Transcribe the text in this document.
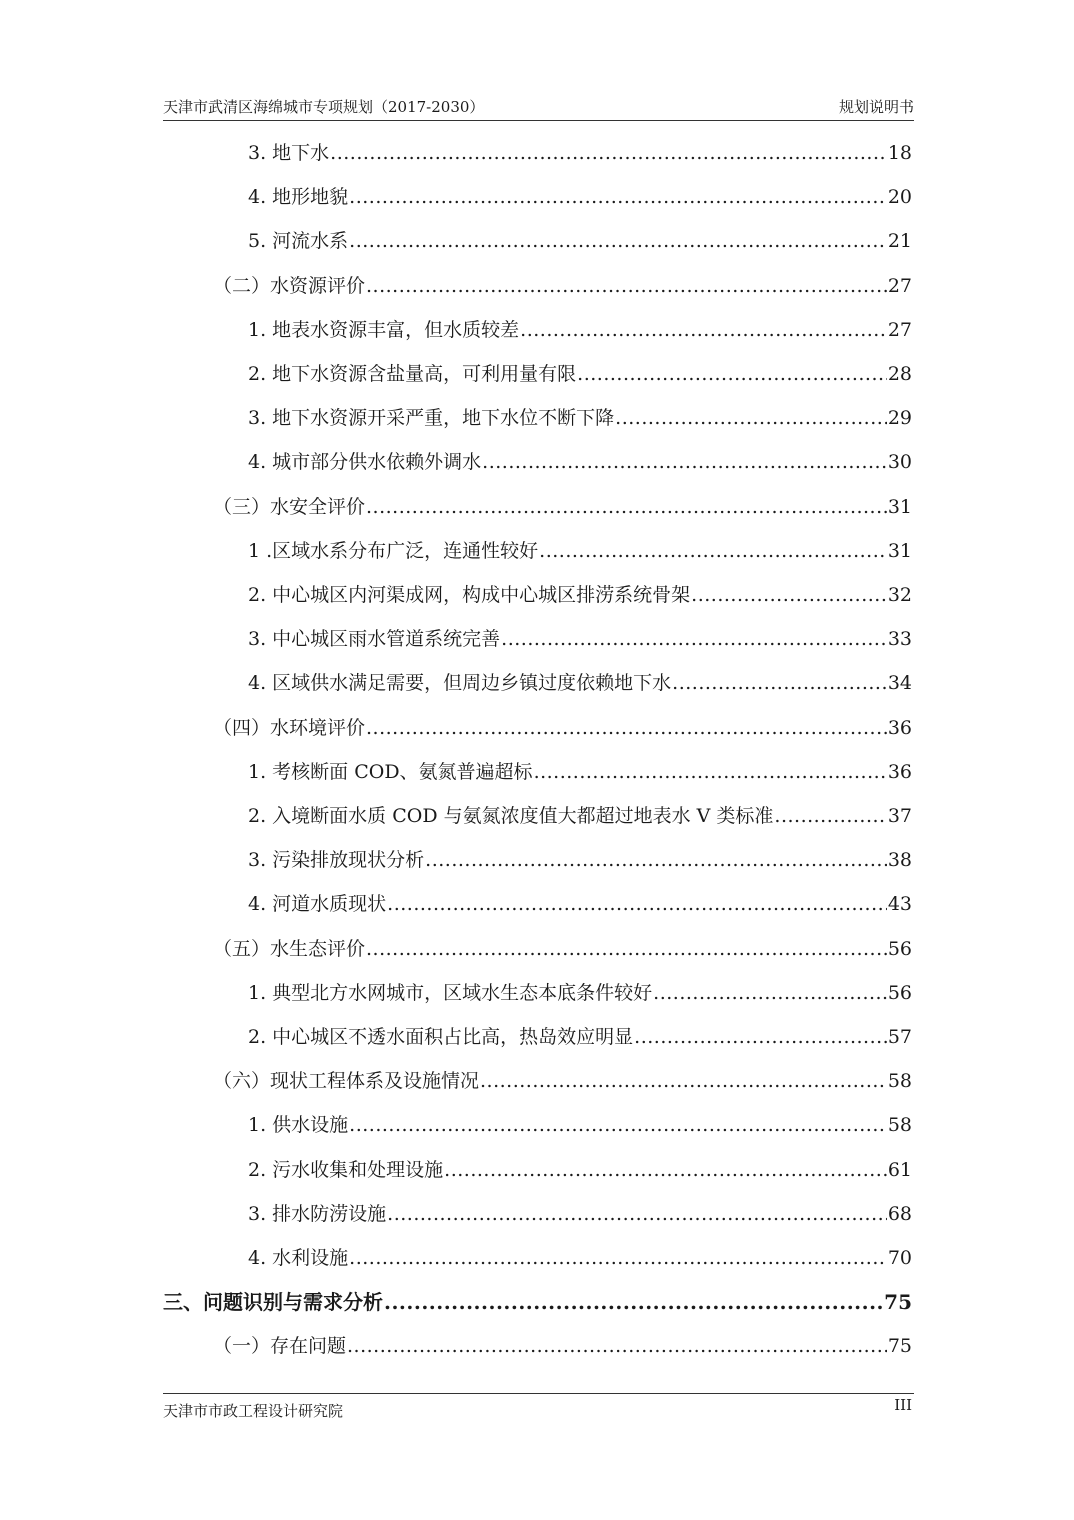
天津市武清区海绵城市专项规划（2017-2030）	规划说明书
3. 地下水 .....	18
4. 地形地貌 .....	20
5. 河流水系 .....	21
（二）水资源评价 .....	27
1. 地表水资源丰富，但水质较差 .....	27
2. 地下水资源含盐量高，可利用量有限 .....	28
3. 地下水资源开采严重，地下水位不断下降 .....	29
4. 城市部分供水依赖外调水 .....	30
（三）水安全评价 .....	31
1 .区域水系分布广泛，连通性较好 .....	31
2. 中心城区内河渠成网，构成中心城区排涝系统骨架 .....	32
3. 中心城区雨水管道系统完善 .....	33
4. 区域供水满足需要，但周边乡镇过度依赖地下水 .....	34
（四）水环境评价 .....	36
1. 考核断面 COD、氨氮普遍超标 .....	36
2. 入境断面水质 COD 与氨氮浓度值大都超过地表水 V 类标准 .....	37
3. 污染排放现状分析 .....	38
4. 河道水质现状 .....	43
（五）水生态评价 .....	56
1. 典型北方水网城市，区域水生态本底条件较好 .....	56
2. 中心城区不透水面积占比高，热岛效应明显 .....	57
（六）现状工程体系及设施情况 .....	58
1. 供水设施 .....	58
2. 污水收集和处理设施 .....	61
3. 排水防涝设施 .....	68
4. 水利设施 .....	70
三、问题识别与需求分析 .....	75
（一）存在问题 .....	75
天津市市政工程设计研究院	III
